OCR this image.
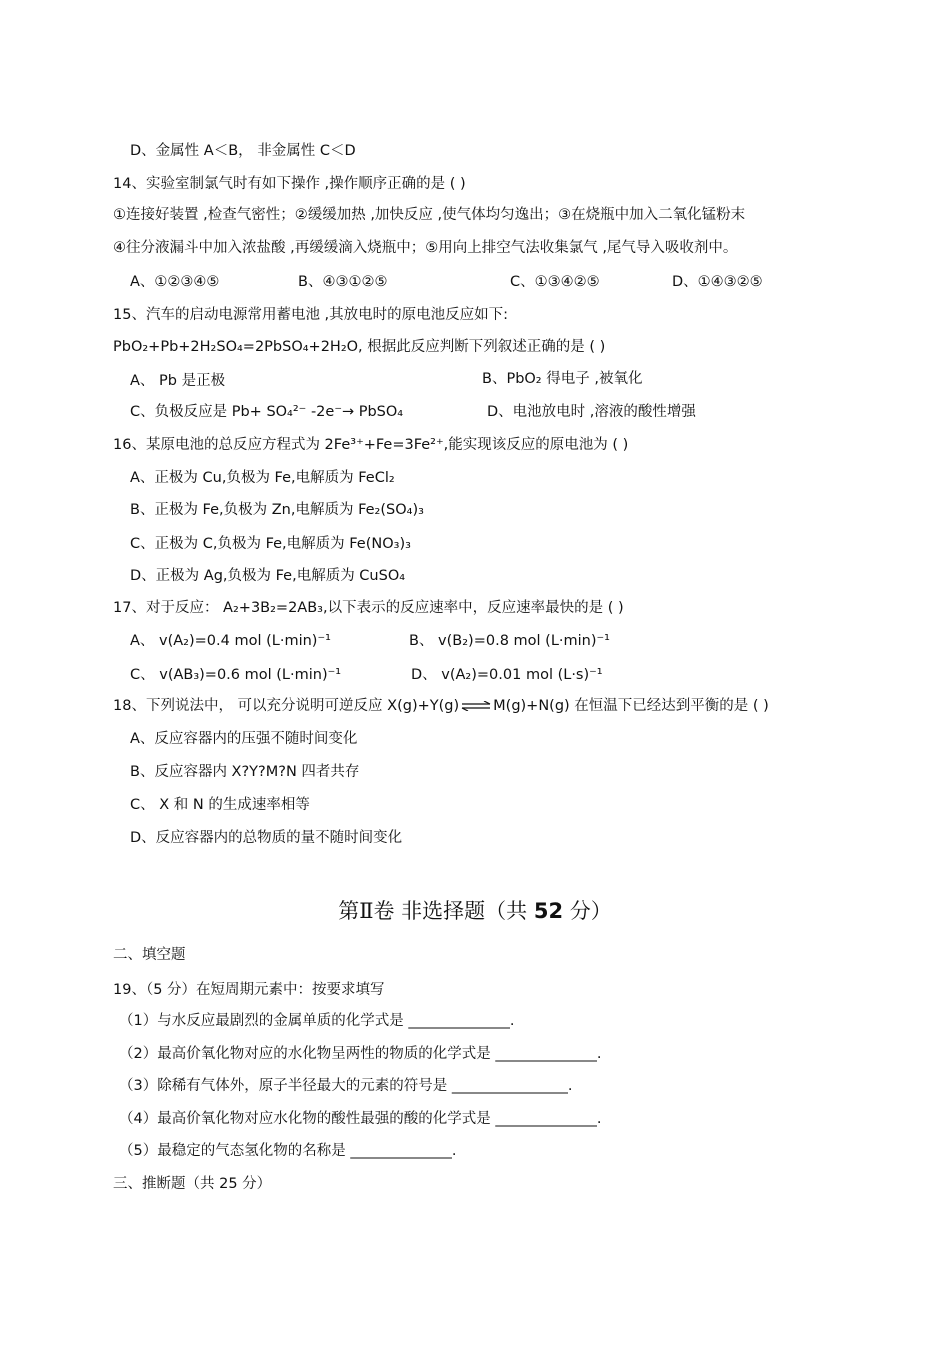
D、金属性 A＜B， 非金属性 C＜D
14、实验室制氯气时有如下操作 ,操作顺序正确的是 ( )
①连接好装置 ,检查气密性；②缓缓加热 ,加快反应 ,使气体均匀逸出；③在烧瓶中加入二氧化锰粉末
④往分液漏斗中加入浓盐酸 ,再缓缓滴入烧瓶中；⑤用向上排空气法收集氯气 ,尾气导入吸收剂中。
A、①②③④⑤	B、④③①②⑤	C、①③④②⑤	D、①④③②⑤
15、汽车的启动电源常用蓄电池 ,其放电时的原电池反应如下:
PbO₂+Pb+2H₂SO₄=2PbSO₄+2H₂O, 根据此反应判断下列叙述正确的是 ( )
A、 Pb 是正极	B、PbO₂ 得电子 ,被氧化
C、负极反应是 Pb+ SO₄²⁻ -2e⁻→ PbSO₄	D、电池放电时 ,溶液的酸性增强
16、某原电池的总反应方程式为 2Fe³⁺+Fe=3Fe²⁺,能实现该反应的原电池为 ( )
A、正极为 Cu,负极为 Fe,电解质为 FeCl₂
B、正极为 Fe,负极为 Zn,电解质为 Fe₂(SO₄)₃
C、正极为 C,负极为 Fe,电解质为 Fe(NO₃)₃
D、正极为 Ag,负极为 Fe,电解质为 CuSO₄
17、对于反应： A₂+3B₂=2AB₃,以下表示的反应速率中，反应速率最快的是 ( )
A、 v(A₂)=0.4 mol (L·min)⁻¹	B、 v(B₂)=0.8 mol (L·min)⁻¹
C、 v(AB₃)=0.6 mol (L·min)⁻¹	D、 v(A₂)=0.01 mol (L·s)⁻¹
A、反应容器内的压强不随时间变化
B、反应容器内 X?Y?M?N 四者共存
C、 X 和 N 的生成速率相等
D、反应容器内的总物质的量不随时间变化
二、填空题
19、（5 分）在短周期元素中：按要求填写
（1）与水反应最剧烈的金属单质的化学式是 ______________.
（2）最高价氧化物对应的水化物呈两性的物质的化学式是 ______________.
（3）除稀有气体外，原子半径最大的元素的符号是 ________________.
（4）最高价氧化物对应水化物的酸性最强的酸的化学式是 ______________.
（5）最稳定的气态氢化物的名称是 ______________.
三、推断题（共 25 分）
18、下列说法中， 可以充分说明可逆反应 X(g)+Y(g) ⇌ M(g)+N(g) 在恒温下已经达到平衡的是 ( )
第Ⅱ卷 非选择题（共 52 分）
